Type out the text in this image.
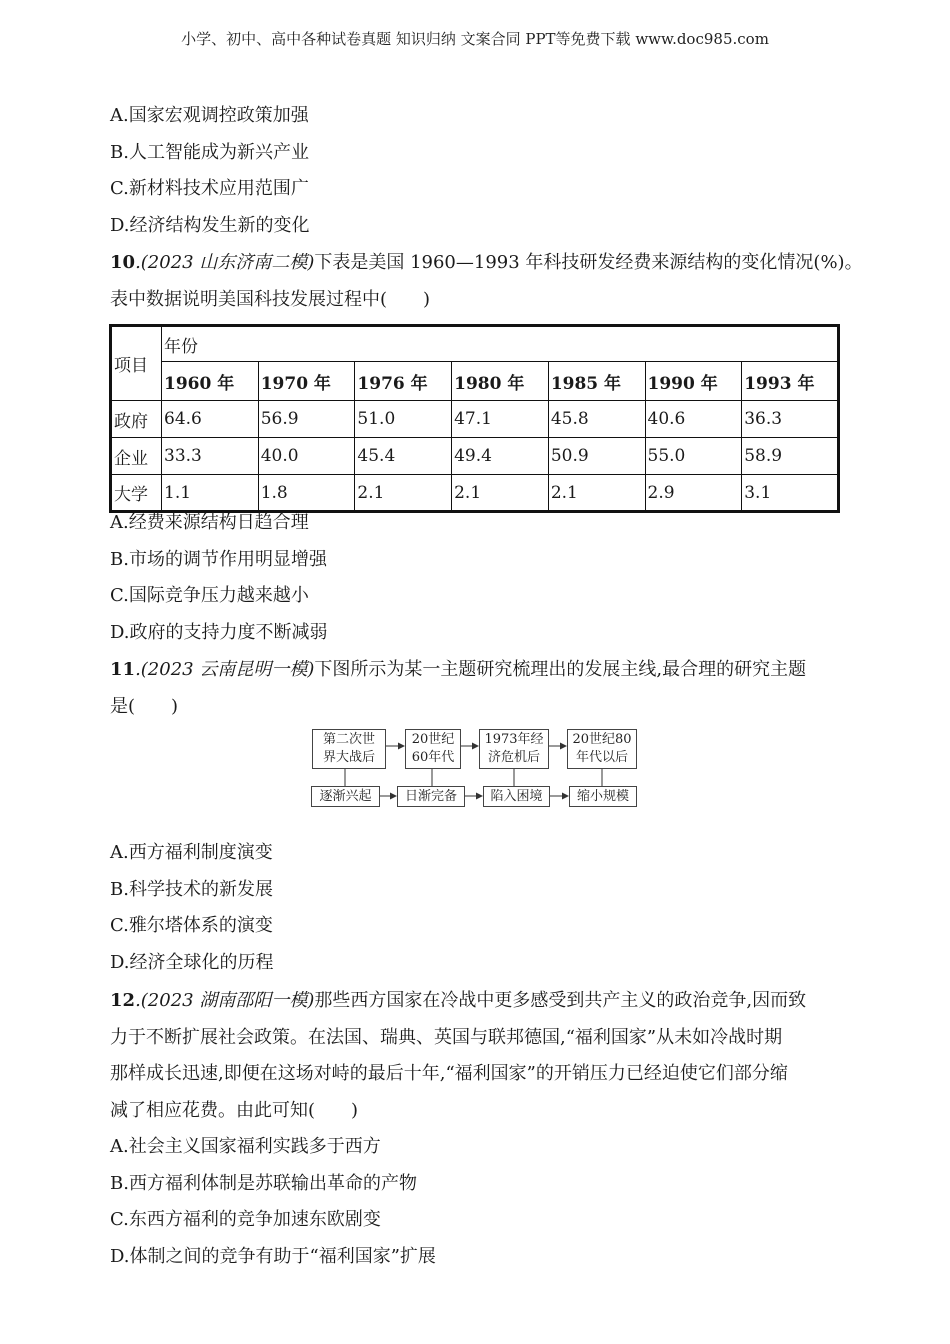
小学、初中、高中各种试卷真题 知识归纳 文案合同 PPT等免费下载 www.doc985.com
A.国家宏观调控政策加强
B.人工智能成为新兴产业
C.新材料技术应用范围广
D.经济结构发生新的变化
10.(2023 山东济南二模)下表是美国 1960—1993 年科技研发经费来源结构的变化情况(%)。
表中数据说明美国科技发展过程中(　　)
项目	年份						
	1960 年	1970 年	1976 年	1980 年	1985 年	1990 年	1993 年
政府	64.6	56.9	51.0	47.1	45.8	40.6	36.3
企业	33.3	40.0	45.4	49.4	50.9	55.0	58.9
大学	1.1	1.8	2.1	2.1	2.1	2.9	3.1
A.经费来源结构日趋合理
B.市场的调节作用明显增强
C.国际竞争压力越来越小
D.政府的支持力度不断减弱
11.(2023 云南昆明一模)下图所示为某一主题研究梳理出的发展主线,最合理的研究主题
是(　　)
第二次世
界大战后
20世纪
60年代
1973年经
济危机后
20世纪80
年代以后
逐渐兴起	日渐完备	陷入困境	缩小规模
A.西方福利制度演变
B.科学技术的新发展
C.雅尔塔体系的演变
D.经济全球化的历程
12.(2023 湖南邵阳一模)那些西方国家在冷战中更多感受到共产主义的政治竞争,因而致
力于不断扩展社会政策。在法国、瑞典、英国与联邦德国,“福利国家”从未如冷战时期
那样成长迅速,即便在这场对峙的最后十年,“福利国家”的开销压力已经迫使它们部分缩
减了相应花费。由此可知(　　)
A.社会主义国家福利实践多于西方
B.西方福利体制是苏联输出革命的产物
C.东西方福利的竞争加速东欧剧变
D.体制之间的竞争有助于“福利国家”扩展
